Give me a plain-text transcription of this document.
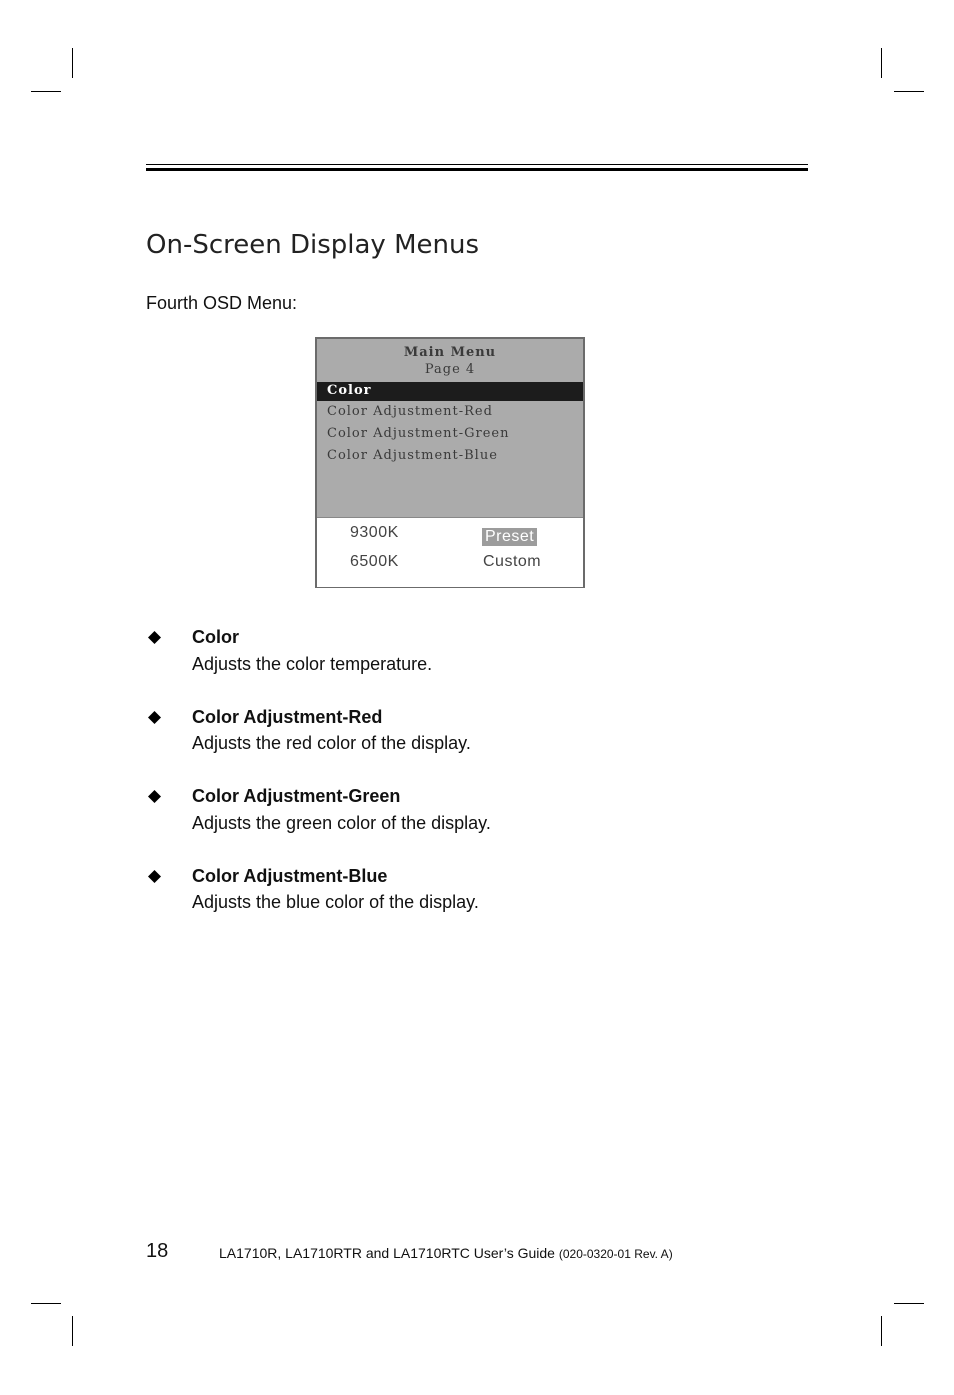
On-Screen Display Menus
Fourth OSD Menu:
Main Menu
Page 4
Color
Color Adjustment-Red
Color Adjustment-Green
Color Adjustment-Blue
9300K
6500K
Preset
Custom
Color
Adjusts the color temperature.
Color Adjustment-Red
Adjusts the red color of the display.
Color Adjustment-Green
Adjusts the green color of the display.
Color Adjustment-Blue
Adjusts the blue color of the display.
18	LA1710R, LA1710RTR and LA1710RTC User’s Guide (020-0320-01 Rev. A)
